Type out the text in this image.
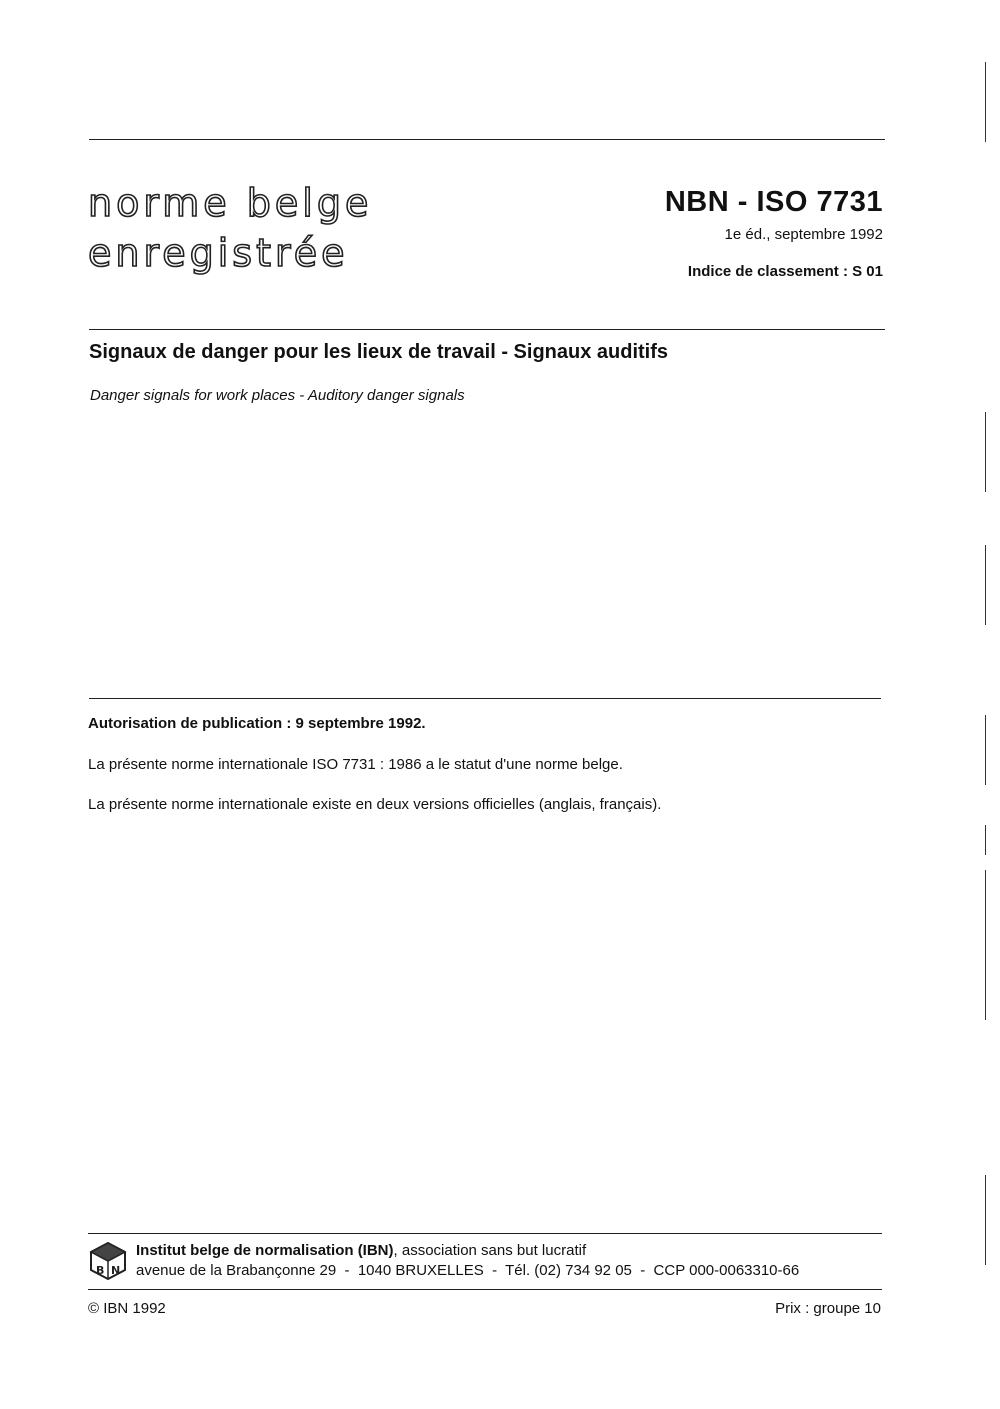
norme belge
enregistrée
NBN - ISO 7731
1e éd., septembre 1992
Indice de classement : S 01
Signaux de danger pour les lieux de travail - Signaux auditifs
Danger signals for work places - Auditory danger signals
Autorisation de publication : 9 septembre 1992.
La présente norme internationale ISO 7731 : 1986 a le statut d'une norme belge.
La présente norme internationale existe en deux versions officielles (anglais, français).
B N
Institut belge de normalisation (IBN), association sans but lucratif
avenue de la Brabançonne 29  -  1040 BRUXELLES  -  Tél. (02) 734 92 05  -  CCP 000-0063310-66
© IBN 1992	Prix : groupe 10
